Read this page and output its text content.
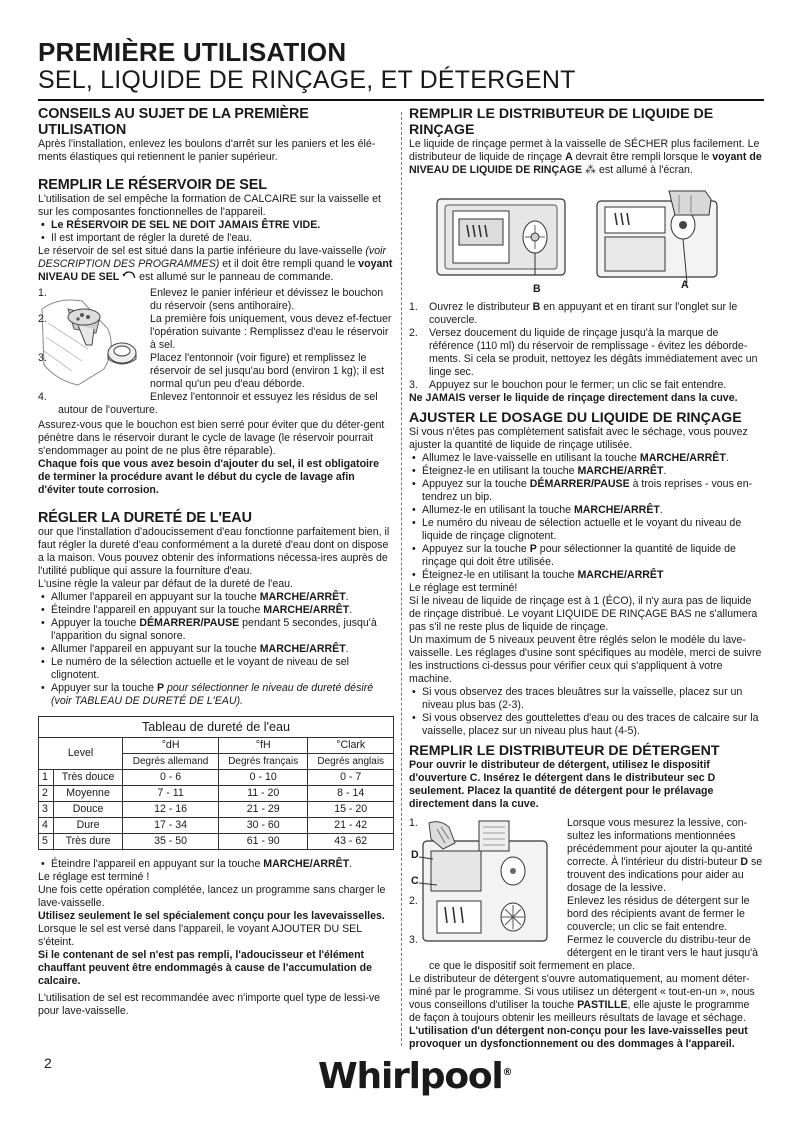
PREMIÈRE UTILISATION
SEL, LIQUIDE DE RINÇAGE, ET DÉTERGENT
CONSEILS AU SUJET DE LA PREMIÈRE UTILISATION

Après l'installation, enlevez les boulons d'arrêt sur les paniers et les élé-ments élastiques qui retiennent le panier supérieur.

REMPLIR LE RÉSERVOIR DE SEL

L'utilisation de sel empêche la formation de CALCAIRE sur la vaisselle et sur les composantes fonctionnelles de l'appareil.

• Le RÉSERVOIR DE SEL NE DOIT JAMAIS ÊTRE VIDE.
• Il est important de régler la dureté de l'eau.

Le réservoir de sel est situé dans la partie inférieure du lave-vaisselle (voir DESCRIPTION DES PROGRAMMES) et il doit être rempli quand le voyant NIVEAU DE SEL  est allumé sur le panneau de commande.

1.	Enlevez le panier inférieur et dévissez le bouchon du réservoir (sens antihoraire).
2.	La première fois uniquement, vous devez ef-fectuer l'opération suivante : Remplissez d'eau le réservoir à sel.
3.	Placez l'entonnoir (voir figure) et remplissez le réservoir de sel jusqu'au bord (environ 1 kg); il est normal qu'un peu d'eau déborde.
4.	Enlevez l'entonnoir et essuyez les résidus de sel autour de l'ouverture.

Assurez-vous que le bouchon est bien serré pour éviter que du déter-gent pénètre dans le réservoir durant le cycle de lavage (le réservoir pourrait s'endommager au point de ne plus être réparable).

Chaque fois que vous avez besoin d'ajouter du sel, il est obligatoire de terminer la procédure avant le début du cycle de lavage afin d'éviter toute corrosion.

RÉGLER LA DURETÉ DE L'EAU

our que l'installation d'adoucissement d'eau fonctionne parfaitement bien, il faut régler la dureté d'eau conformément a la dureté d'eau dont on dispose a la maison. Vous pouvez obtenir des informations nécessa-ires auprès de l'utilité publique qui assure la fourniture d'eau.

L'usine règle la valeur par défaut de la dureté de l'eau.

• Allumer l'appareil en appuyant sur la touche MARCHE/ARRÊT.
• Éteindre l'appareil en appuyant sur la touche MARCHE/ARRÊT.
• Appuyer la touche DÉMARRER/PAUSE pendant 5 secondes, jusqu'à l'apparition du signal sonore.
• Allumer l'appareil en appuyant sur la touche MARCHE/ARRÊT.
• Le numéro de la sélection actuelle et le voyant de niveau de sel clignotent.
• Appuyer sur la touche P pour sélectionner le niveau de dureté désiré (voir TABLEAU DE DURETÉ DE L'EAU).
Tableau de dureté de l'eau				
Level		°dH	°fH	°Clark
		Degrés allemand	Degrés français	Degrés anglais
1	Très douce	0 - 6	0 - 10	0 - 7
2	Moyenne	7 - 11	11 - 20	8 - 14
3	Douce	12 - 16	21 - 29	15 - 20
4	Dure	17 - 34	30 - 60	21 - 42
5	Très dure	35 - 50	61 - 90	43 - 62
• Éteindre l'appareil en appuyant sur la touche MARCHE/ARRÊT.

Le réglage est terminé !

Une fois cette opération complétée, lancez un programme sans charger le lave-vaisselle.

Utilisez seulement le sel spécialement conçu pour les lavevaisselles.

Lorsque le sel est versé dans l'appareil, le voyant AJOUTER DU SEL s'éteint.

Si le contenant de sel n'est pas rempli, l'adoucisseur et l'élément chauffant peuvent être endommagés à cause de l'accumulation de calcaire.

L'utilisation de sel est recommandée avec n'importe quel type de lessi-ve pour lave-vaisselle.

REMPLIR LE DISTRIBUTEUR DE LIQUIDE DE RINÇAGE

Le liquide de rinçage permet à la vaisselle de SÉCHER plus facilement. Le distributeur de liquide de rinçage A devrait être rempli lorsque le voyant de NIVEAU DE LIQUIDE DE RINÇAGE ⁂ est allumé à l'écran.

B	A
1. Ouvrez le distributeur B en appuyant et en tirant sur l'onglet sur le couvercle.
2. Versez doucement du liquide de rinçage jusqu'à la marque de référence (110 ml) du réservoir de remplissage - évitez les déborde-ments. Si cela se produit, nettoyez les dégâts immédiatement avec un linge sec.
3. Appuyez sur le bouchon pour le fermer; un clic se fait entendre.

Ne JAMAIS verser le liquide de rinçage directement dans la cuve.

AJUSTER LE DOSAGE DU LIQUIDE DE RINÇAGE

Si vous n'êtes pas complètement satisfait avec le séchage, vous pouvez ajuster la quantité de liquide de rinçage utilisée.

• Allumez le lave-vaisselle en utilisant la touche MARCHE/ARRÊT.
• Éteignez-le en utilisant la touche MARCHE/ARRÊT.
• Appuyez sur la touche DÉMARRER/PAUSE à trois reprises - vous en-tendrez un bip.
• Allumez-le en utilisant la touche MARCHE/ARRÊT.
• Le numéro du niveau de sélection actuelle et le voyant du niveau de liquide de rinçage clignotent.
• Appuyez sur la touche P pour sélectionner la quantité de liquide de rinçage qui doit être utilisée.
• Éteignez-le en utilisant la touche MARCHE/ARRÊT

Le réglage est terminé!

Si le niveau de liquide de rinçage est à 1 (ÉCO), il n'y aura pas de liquide de rinçage distribué. Le voyant LIQUIDE DE RINÇAGE BAS ne s'allumera pas s'il ne reste plus de liquide de rinçage.

Un maximum de 5 niveaux peuvent être réglés selon le modèle du lave-vaisselle. Les réglages d'usine sont spécifiques au modèle, merci de suivre les instructions ci-dessus pour vérifier ceux qui s'appliquent à votre machine.

• Si vous observez des traces bleuâtres sur la vaisselle, placez sur un niveau plus bas (2-3).
• Si vous observez des gouttelettes d'eau ou des traces de calcaire sur la vaisselle, placez sur un niveau plus haut (4-5).
REMPLIR LE DISTRIBUTEUR DE DÉTERGENT

Pour ouvrir le distributeur de détergent, utilisez le dispositif d'ouverture C. Insérez le détergent dans le distributeur sec D seulement. Placez la quantité de détergent pour le prélavage directement dans la cuve.

D
C
1.	Lorsque vous mesurez la lessive, con-sultez les informations mentionnées précédemment pour ajouter la qu-antité correcte. À l'intérieur du distri-buteur D se trouvent des indications pour aider au dosage de la lessive.
2.	Enlevez les résidus de détergent sur le bord des récipients avant de fermer le couvercle; un clic se fait entendre.
3.	Fermez le couvercle du distribu-teur de détergent en le tirant vers le haut jusqu'à ce que le dispositif soit fermement en place.

Le distributeur de détergent s'ouvre automatiquement, au moment déter-miné par le programme. Si vous utilisez un détergent « tout-en-un », nous vous conseillons d'utiliser la touche PASTILLE, elle ajuste le programme de façon à toujours obtenir les meilleurs résultats de lavage et séchage.

L'utilisation d'un détergent non-conçu pour les lave-vaisselles peut provoquer un dysfonctionnement ou des dommages à l'appareil.

2	Whirlpool®
